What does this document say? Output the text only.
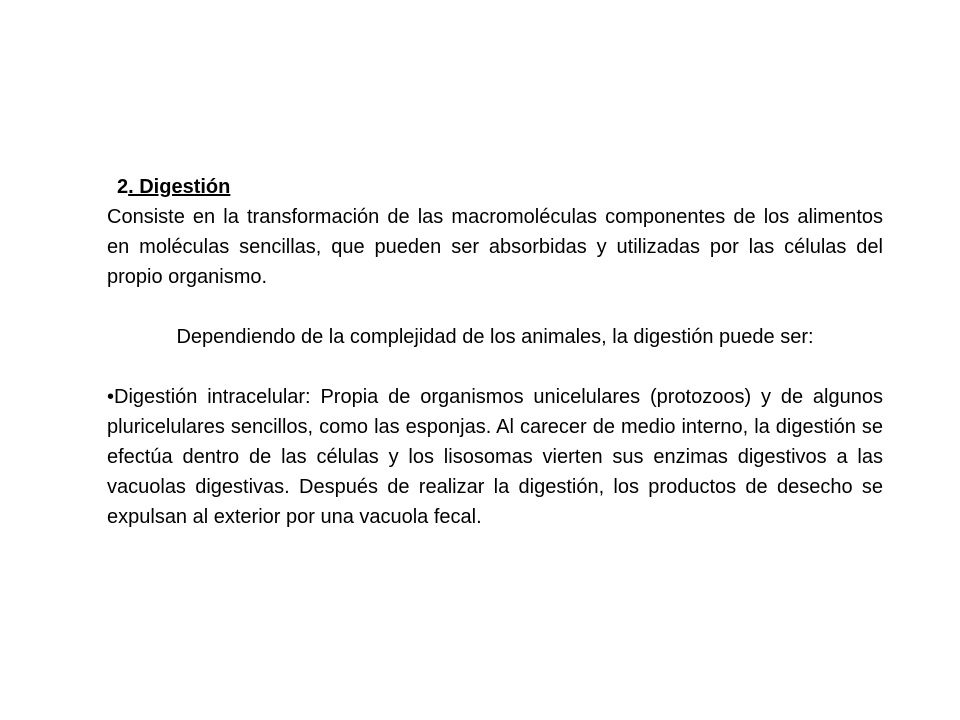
2. Digestión

Consiste en la transformación de las macromoléculas componentes de los alimentos en moléculas sencillas, que pueden ser absorbidas y utilizadas por las células del propio organismo.

Dependiendo de la complejidad de los animales, la digestión puede ser:

•Digestión intracelular: Propia de organismos unicelulares (protozoos) y de algunos pluricelulares sencillos, como las esponjas. Al carecer de medio interno, la digestión se efectúa dentro de las células y los lisosomas vierten sus enzimas digestivos a las vacuolas digestivas. Después de realizar la digestión, los productos de desecho se expulsan al exterior por una vacuola fecal.
